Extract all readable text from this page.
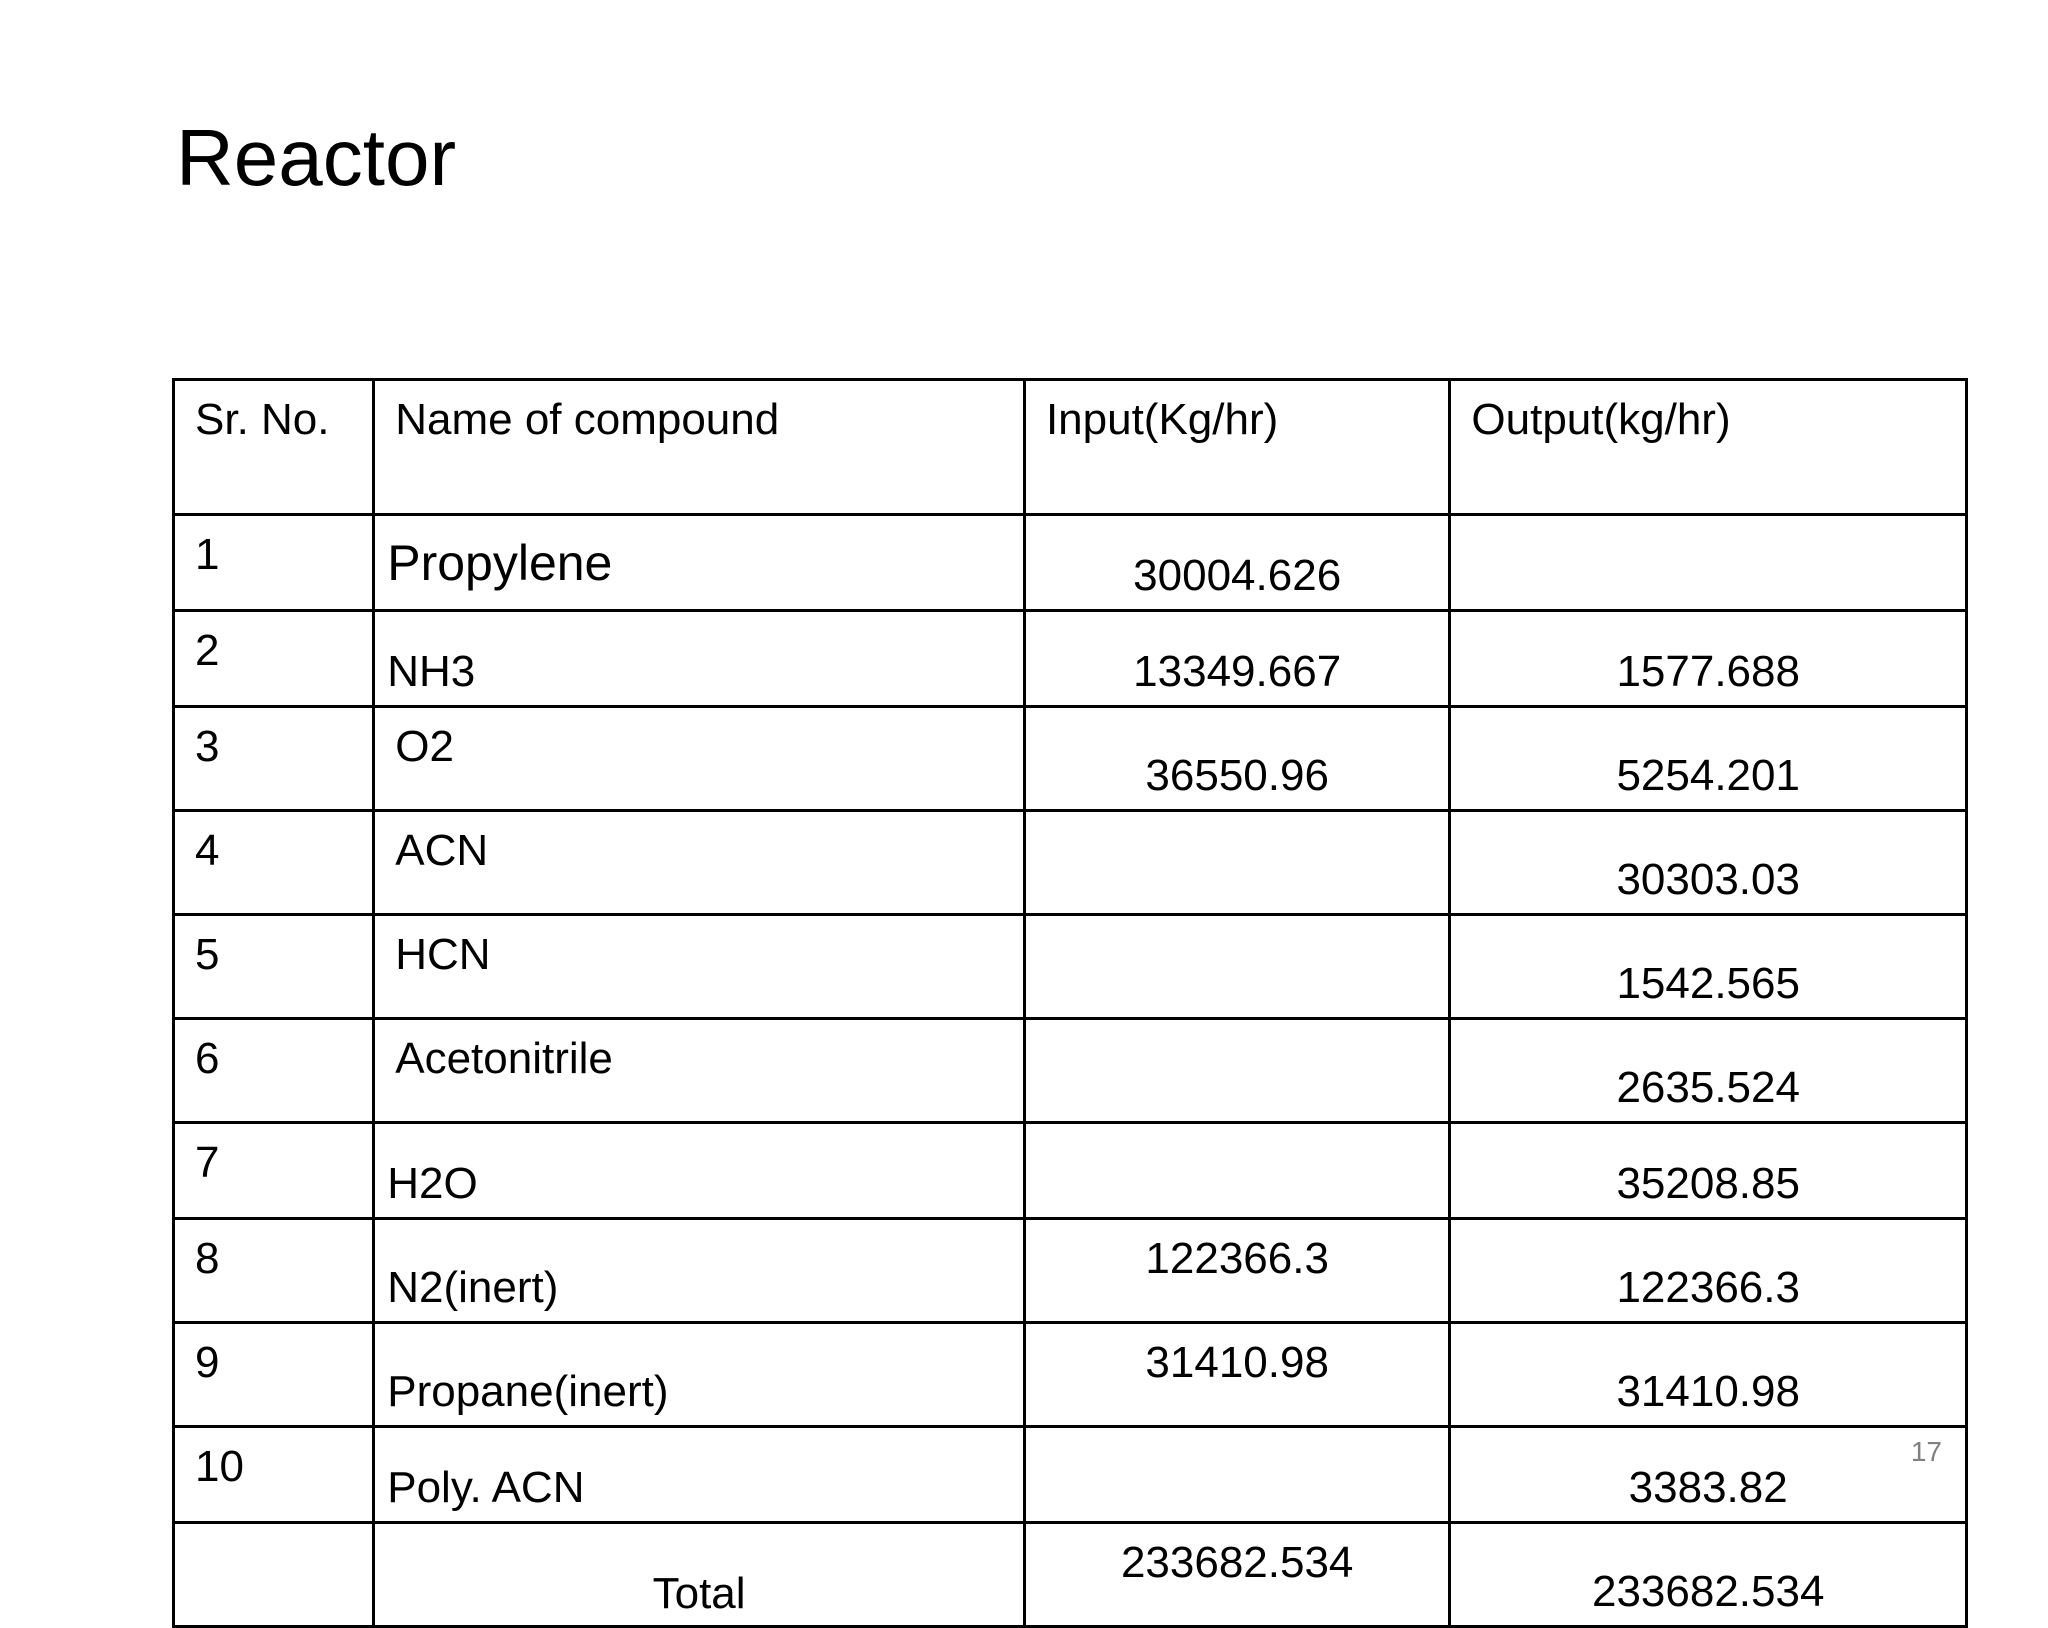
Reactor
Sr. No.	Name of compound	Input(Kg/hr)	Output(kg/hr)
1	Propylene	30004.626	
2	NH3	13349.667	1577.688
3	O2	36550.96	5254.201
4	ACN		30303.03
5	HCN		1542.565
6	Acetonitrile		2635.524
7	H2O		35208.85
8	N2(inert)	122366.3	122366.3
9	Propane(inert)	31410.98	31410.98
10	Poly. ACN		3383.82
	Total	233682.534	233682.534
17
